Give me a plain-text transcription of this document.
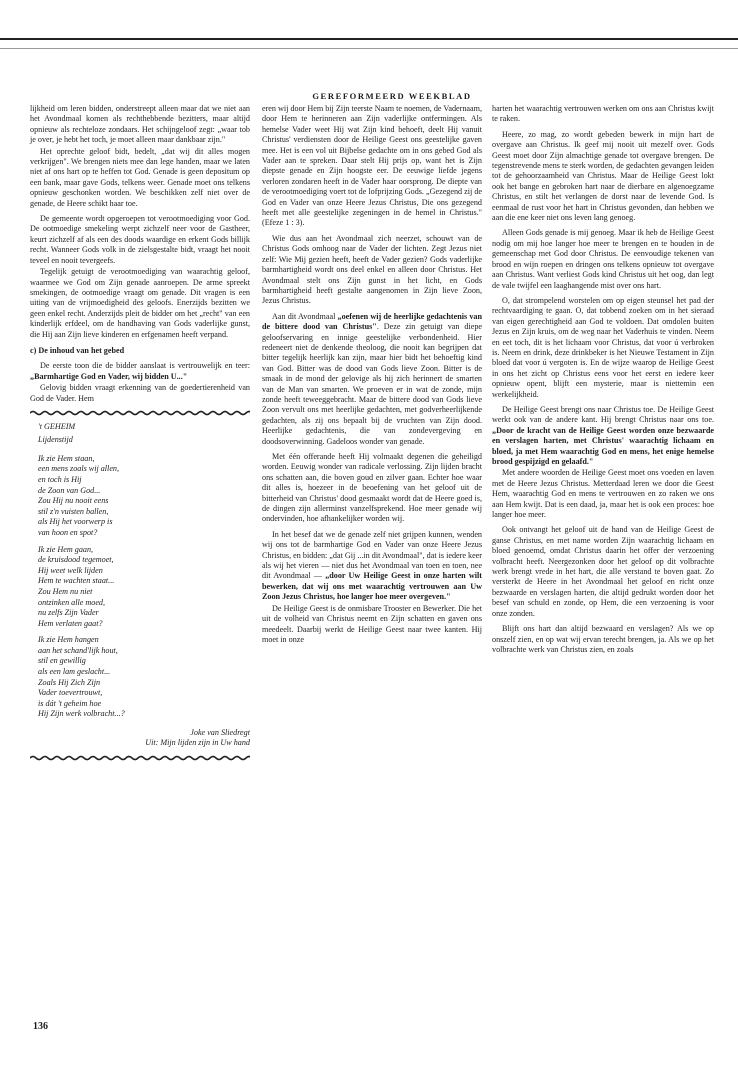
GEREFORMEERD WEEKBLAD

lijkheid om leren bidden, onderstreept alleen maar dat we niet aan het Avondmaal komen als rechthebbende bezitters, maar altijd opnieuw als rechteloze zondaars. Het schijngeloof zegt: „waar tob je over, je hebt het toch, je moet alleen maar dankbaar zijn."

Het oprechte geloof bidt, bedelt, „dat wij dit alles mogen verkrijgen". We brengen niets mee dan lege handen, maar we laten niet af ons hart op te heffen tot God. Genade is geen depositum op een bank, maar gave Gods, telkens weer. Genade moet ons telkens opnieuw geschonken worden. We beschikken zelf niet over de genade, de Heere schikt haar toe.

De gemeente wordt opgeroepen tot verootmoediging voor God. De ootmoedige smekeling werpt zichzelf neer voor de Gastheer, keurt zichzelf af als een des doods waardige en erkent Gods billijk recht. Wanneer Gods volk in de zielsgestalte bidt, vraagt het nooit teveel en nooit tevergeefs.

Tegelijk getuigt de verootmoediging van waarachtig geloof, waarmee we God om Zijn genade aanroepen. De arme spreekt smekingen, de ootmoedige vraagt om genade. Dit vragen is een uiting van de vrijmoedigheid des geloofs. Enerzijds bezitten we geen enkel recht. Anderzijds pleit de bidder om het „recht" van een kinderlijk erfdeel, om de handhaving van Gods vaderlijke gunst, die Hij aan Zijn lieve kinderen en erfgenamen heeft verpand.

c) De inhoud van het gebed

De eerste toon die de bidder aanslaat is vertrouwelijk en teer: „Barmhartige God en Vader, wij bidden U..."

Gelovig bidden vraagt erkenning van de goedertierenheid van God de Vader. Hem

't GEHEIM
Lijdenstijd
Ik zie Hem staan,
een mens zoals wij allen,
en toch is Hij
de Zoon van God...
Zou Hij nu nooit eens
stil z'n vuisten ballen,
als Hij het voorwerp is
van hoon en spot?
Ik zie Hem gaan,
de kruisdood tegemoet,
Hij weet welk lijden
Hem te wachten staat...
Zou Hem nu niet
ontzinken alle moed,
nu zelfs Zijn Vader
Hem verlaten gaat?
Ik zie Hem hangen
aan het schand'lijk hout,
stil en gewillig
als een lam geslacht...
Zoals Hij Zich Zijn
Vader toevertrouwt,
is dát 't geheim hoe
Hij Zijn werk volbracht...?
Joke van Sliedregt
Uit: Mijn lijden zijn in Uw hand

eren wij door Hem bij Zijn teerste Naam te noemen, de Vadernaam, door Hem te herinneren aan Zijn vaderlijke ontfermingen. Als hemelse Vader weet Hij wat Zijn kind behoeft, deelt Hij vanuit Christus' verdiensten door de Heilige Geest ons geestelijke gaven mee. Het is een vol uit Bijbelse gedachte om in ons gebed God als Vader aan te spreken. Daar stelt Hij prijs op, want het is Zijn diepste genade en Zijn hoogste eer. De eeuwige liefde jegens verloren zondaren heeft in de Vader haar oorsprong. De diepte van de verootmoediging voert tot de lofprijzing Gods. „Gezegend zij de God en Vader van onze Heere Jezus Christus, Die ons gezegend heeft met alle geestelijke zegeningen in de hemel in Christus." (Efeze 1 : 3).

Wie dus aan het Avondmaal zich neerzet, schouwt van de Christus Gods omhoog naar de Vader der lichten. Zegt Jezus niet zelf: Wie Mij gezien heeft, heeft de Vader gezien? Gods vaderlijke barmhartigheid wordt ons deel enkel en alleen door Christus. Het Avondmaal stelt ons Zijn gunst in het licht, en Gods barmhartigheid heeft gestalte aangenomen in Zijn lieve Zoon, Jezus Christus.

Aan dit Avondmaal „oefenen wij de heerlijke gedachtenis van de bittere dood van Christus". Deze zin getuigt van diepe geloofservaring en innige geestelijke verbondenheid. Hier redeneert niet de denkende theoloog, die nooit kan begrijpen dat bitter tegelijk heerlijk kan zijn, maar hier bidt het behoeftig kind van God. Bitter was de dood van Gods lieve Zoon. Bitter is de smaak in de mond der gelovige als hij zich herinnert de smarten van de Man van smarten. We proeven er in wat de zonde, mijn zonde heeft teweeggebracht. Maar de bittere dood van Gods lieve Zoon vervult ons met heerlijke gedachten, met godverheerlijkende gedachten, als zij ons bepaalt bij de vruchten van Zijn dood. Heerlijke gedachtenis, die van zondevergeving en doodsoverwinning. Gadeloos wonder van genade.

Met één offerande heeft Hij volmaakt degenen die geheiligd worden. Eeuwig wonder van radicale verlossing. Zijn lijden bracht ons schatten aan, die boven goud en zilver gaan. Echter hoe waar dit alles is, hoezeer in de beoefening van het geloof uit de bitterheid van Christus' dood gesmaakt wordt dat de Heere goed is, de dingen zijn allerminst vanzelfsprekend. Hoe meer genade wij ondervinden, hoe afhankelijker worden wij.

In het besef dat we de genade zelf niet grijpen kunnen, wenden wij ons tot de barmhartige God en Vader van onze Heere Jezus Christus, en bidden: „dat Gij ...in dit Avondmaal", dat is iedere keer als wij het vieren — niet dus het Avondmaal van toen en toen, nee dit Avondmaal — „door Uw Heilige Geest in onze harten wilt bewerken, dat wij ons met waarachtig vertrouwen aan Uw Zoon Jezus Christus, hoe langer hoe meer overgeven."

De Heilige Geest is de onmisbare Trooster en Bewerker. Die het uit de volheid van Christus neemt en Zijn schatten en gaven ons meedeelt. Daarbij werkt de Heilige Geest naar twee kanten. Hij moet in onze

harten het waarachtig vertrouwen werken om ons aan Christus kwijt te raken.

Heere, zo mag, zo wordt gebeden bewerk in mijn hart de overgave aan Christus. Ik geef mij nooit uit mezelf over. Gods Geest moet door Zijn almachtige genade tot overgave brengen. De tegenstrevende mens te sterk worden, de gedachten gevangen leiden tot de gehoorzaamheid van Christus. Maar de Heilige Geest lokt ook het bange en gebroken hart naar de dierbare en algenoegzame Christus, en stilt het verlangen de dorst naar de levende God. Is eenmaal de rust voor het hart in Christus gevonden, dan hebben we aan die ene keer niet ons leven lang genoeg.

Alleen Gods genade is mij genoeg. Maar ik heb de Heilige Geest nodig om mij hoe langer hoe meer te brengen en te houden in de gemeenschap met God door Christus. De eenvoudige tekenen van brood en wijn roepen en dringen ons telkens opnieuw tot overgave aan Christus. Want verliest Gods kind Christus uit het oog, dan legt de vale twijfel een laaghangende mist over ons hart.

O, dat strompelend worstelen om op eigen steunsel het pad der rechtvaardiging te gaan. O, dat tobbend zoeken om in het sieraad van eigen gerechtigheid aan God te voldoen. Dat omdolen buiten Jezus en Zijn kruis, om de weg naar het Vaderhuis te vinden. Neem en eet toch, dit is het lichaam voor Christus, dat voor ú verbroken is. Neem en drink, deze drinkbeker is het Nieuwe Testament in Zijn bloed dat voor ú vergoten is. En de wijze waarop de Heilige Geest in ons het zicht op Christus eens voor het eerst en iedere keer opnieuw opent, blijft een mysterie, maar is niettemin een werkelijkheid.

De Heilige Geest brengt ons naar Christus toe. De Heilige Geest werkt ook van de andere kant. Hij brengt Christus naar ons toe. „Door de kracht van de Heilige Geest worden onze bezwaarde en verslagen harten, met Christus' waarachtig lichaam en bloed, ja met Hem waarachtig God en mens, het enige hemelse brood gespijzigd en gelaafd."

Met andere woorden de Heilige Geest moet ons voeden en laven met de Heere Jezus Christus. Metterdaad leren we door die Geest Hem, waarachtig God en mens te vertrouwen en zo raken we ons aan Hem kwijt. Dat is een daad, ja, maar het is ook een proces: hoe langer hoe meer.

Ook ontvangt het geloof uit de hand van de Heilige Geest de ganse Christus, en met name worden Zijn waarachtig lichaam en bloed genoemd, omdat Christus daarin het offer der verzoening volbracht heeft. Neergezonken door het geloof op dit volbrachte werk brengt vrede in het hart, die alle verstand te boven gaat. Zo versterkt de Heere in het Avondmaal het geloof en richt onze bezwaarde en verslagen harten, die altijd gedrukt worden door het besef van schuld en zonde, op Hem, die een verzoening is voor onze zonden.

Blijft ons hart dan altijd bezwaard en verslagen? Als we op onszelf zien, en op wat wij ervan terecht brengen, ja. Als we op het volbrachte werk van Christus zien, en zoals

136
